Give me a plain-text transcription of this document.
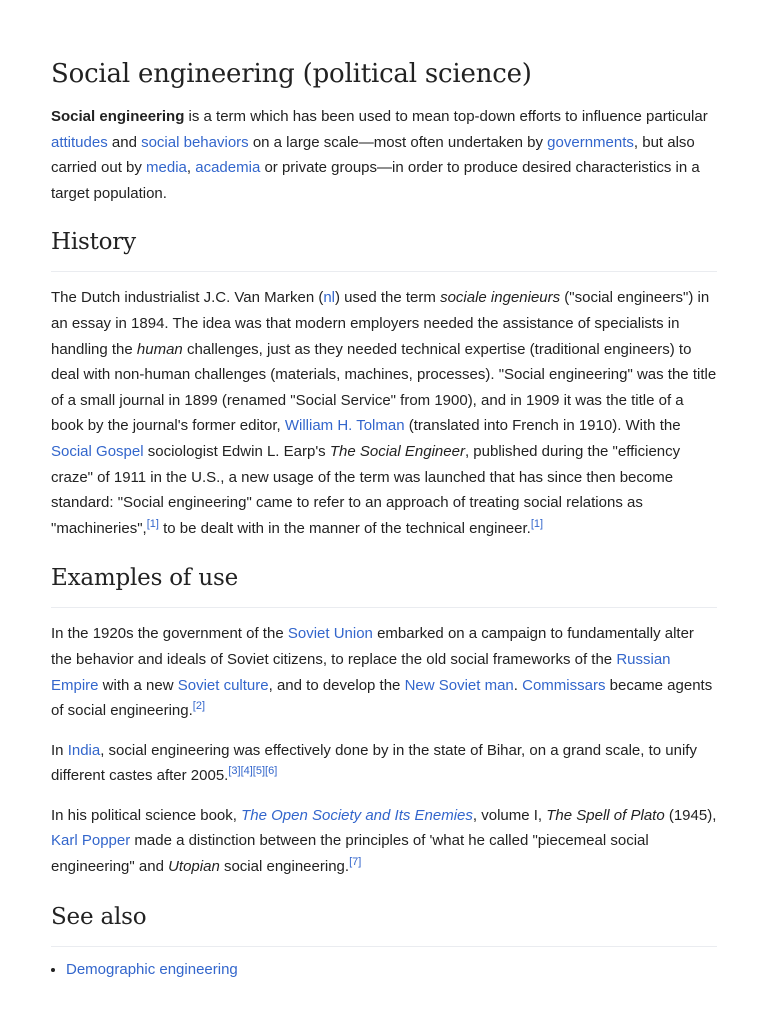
Social engineering (political science)

Social engineering is a term which has been used to mean top-down efforts to influence particular attitudes and social behaviors on a large scale—most often undertaken by governments, but also carried out by media, academia or private groups—in order to produce desired characteristics in a target population.

History

The Dutch industrialist J.C. Van Marken (nl) used the term sociale ingenieurs ("social engineers") in an essay in 1894. The idea was that modern employers needed the assistance of specialists in handling the human challenges, just as they needed technical expertise (traditional engineers) to deal with non-human challenges (materials, machines, processes). "Social engineering" was the title of a small journal in 1899 (renamed "Social Service" from 1900), and in 1909 it was the title of a book by the journal's former editor, William H. Tolman (translated into French in 1910). With the Social Gospel sociologist Edwin L. Earp's The Social Engineer, published during the "efficiency craze" of 1911 in the U.S., a new usage of the term was launched that has since then become standard: "Social engineering" came to refer to an approach of treating social relations as "machineries",[1] to be dealt with in the manner of the technical engineer.[1]

Examples of use

In the 1920s the government of the Soviet Union embarked on a campaign to fundamentally alter the behavior and ideals of Soviet citizens, to replace the old social frameworks of the Russian Empire with a new Soviet culture, and to develop the New Soviet man. Commissars became agents of social engineering.[2]

In India, social engineering was effectively done by in the state of Bihar, on a grand scale, to unify different castes after 2005.[3][4][5][6]

In his political science book, The Open Society and Its Enemies, volume I, The Spell of Plato (1945), Karl Popper made a distinction between the principles of 'what he called "piecemeal social engineering" and Utopian social engineering.[7]

See also
• Demographic engineering
